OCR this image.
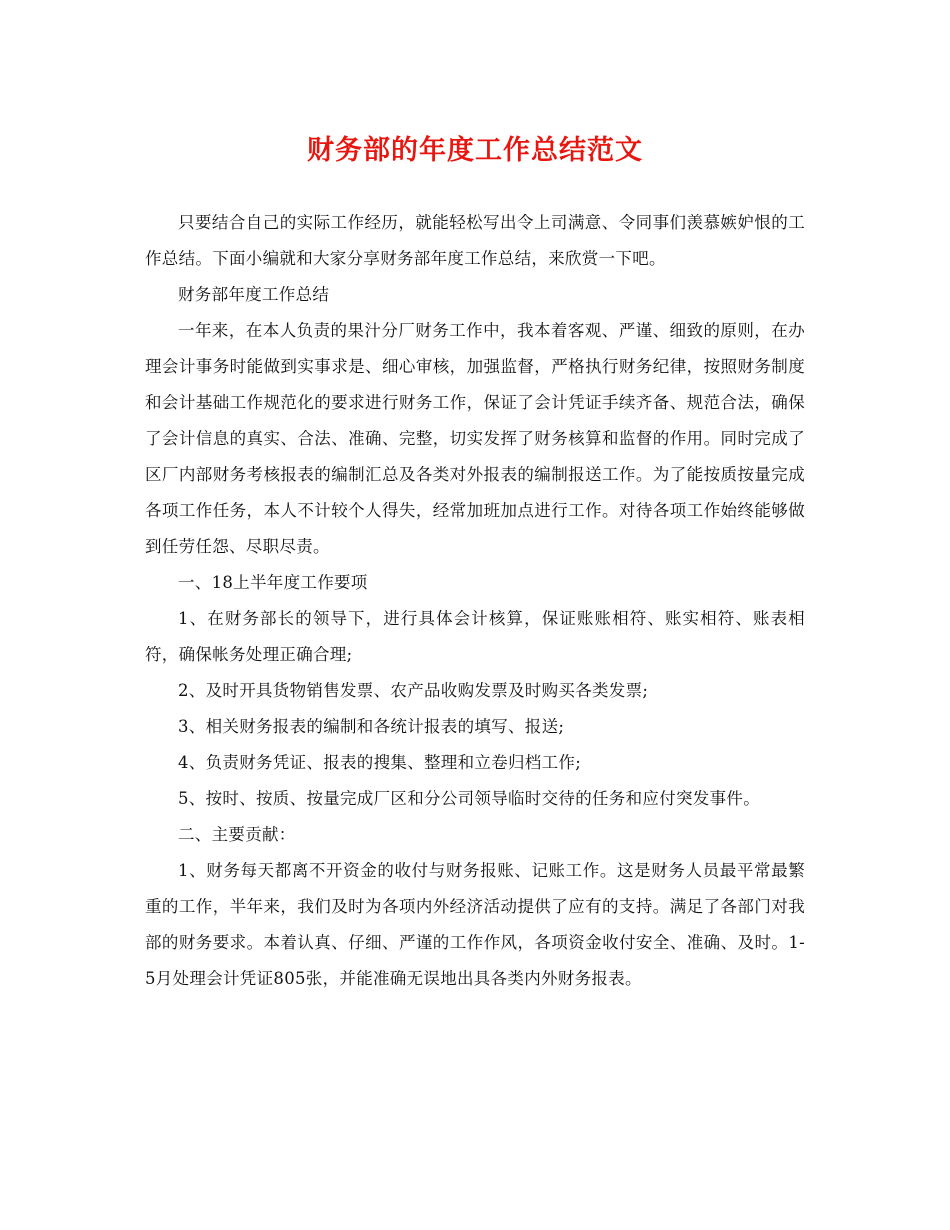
财务部的年度工作总结范文

只要结合自己的实际工作经历，就能轻松写出令上司满意、令同事们羡慕嫉妒恨的工作总结。下面小编就和大家分享财务部年度工作总结，来欣赏一下吧。

财务部年度工作总结

一年来，在本人负责的果汁分厂财务工作中，我本着客观、严谨、细致的原则，在办理会计事务时能做到实事求是、细心审核，加强监督，严格执行财务纪律，按照财务制度和会计基础工作规范化的要求进行财务工作，保证了会计凭证手续齐备、规范合法，确保了会计信息的真实、合法、准确、完整，切实发挥了财务核算和监督的作用。同时完成了区厂内部财务考核报表的编制汇总及各类对外报表的编制报送工作。为了能按质按量完成各项工作任务，本人不计较个人得失，经常加班加点进行工作。对待各项工作始终能够做到任劳任怨、尽职尽责。

一、18上半年度工作要项

1、在财务部长的领导下，进行具体会计核算，保证账账相符、账实相符、账表相符，确保帐务处理正确合理;

2、及时开具货物销售发票、农产品收购发票及时购买各类发票;

3、相关财务报表的编制和各统计报表的填写、报送;

4、负责财务凭证、报表的搜集、整理和立卷归档工作;

5、按时、按质、按量完成厂区和分公司领导临时交待的任务和应付突发事件。

二、主要贡献：

1、财务每天都离不开资金的收付与财务报账、记账工作。这是财务人员最平常最繁重的工作，半年来，我们及时为各项内外经济活动提供了应有的支持。满足了各部门对我部的财务要求。本着认真、仔细、严谨的工作作风，各项资金收付安全、准确、及时。1-5月处理会计凭证805张，并能准确无误地出具各类内外财务报表。
